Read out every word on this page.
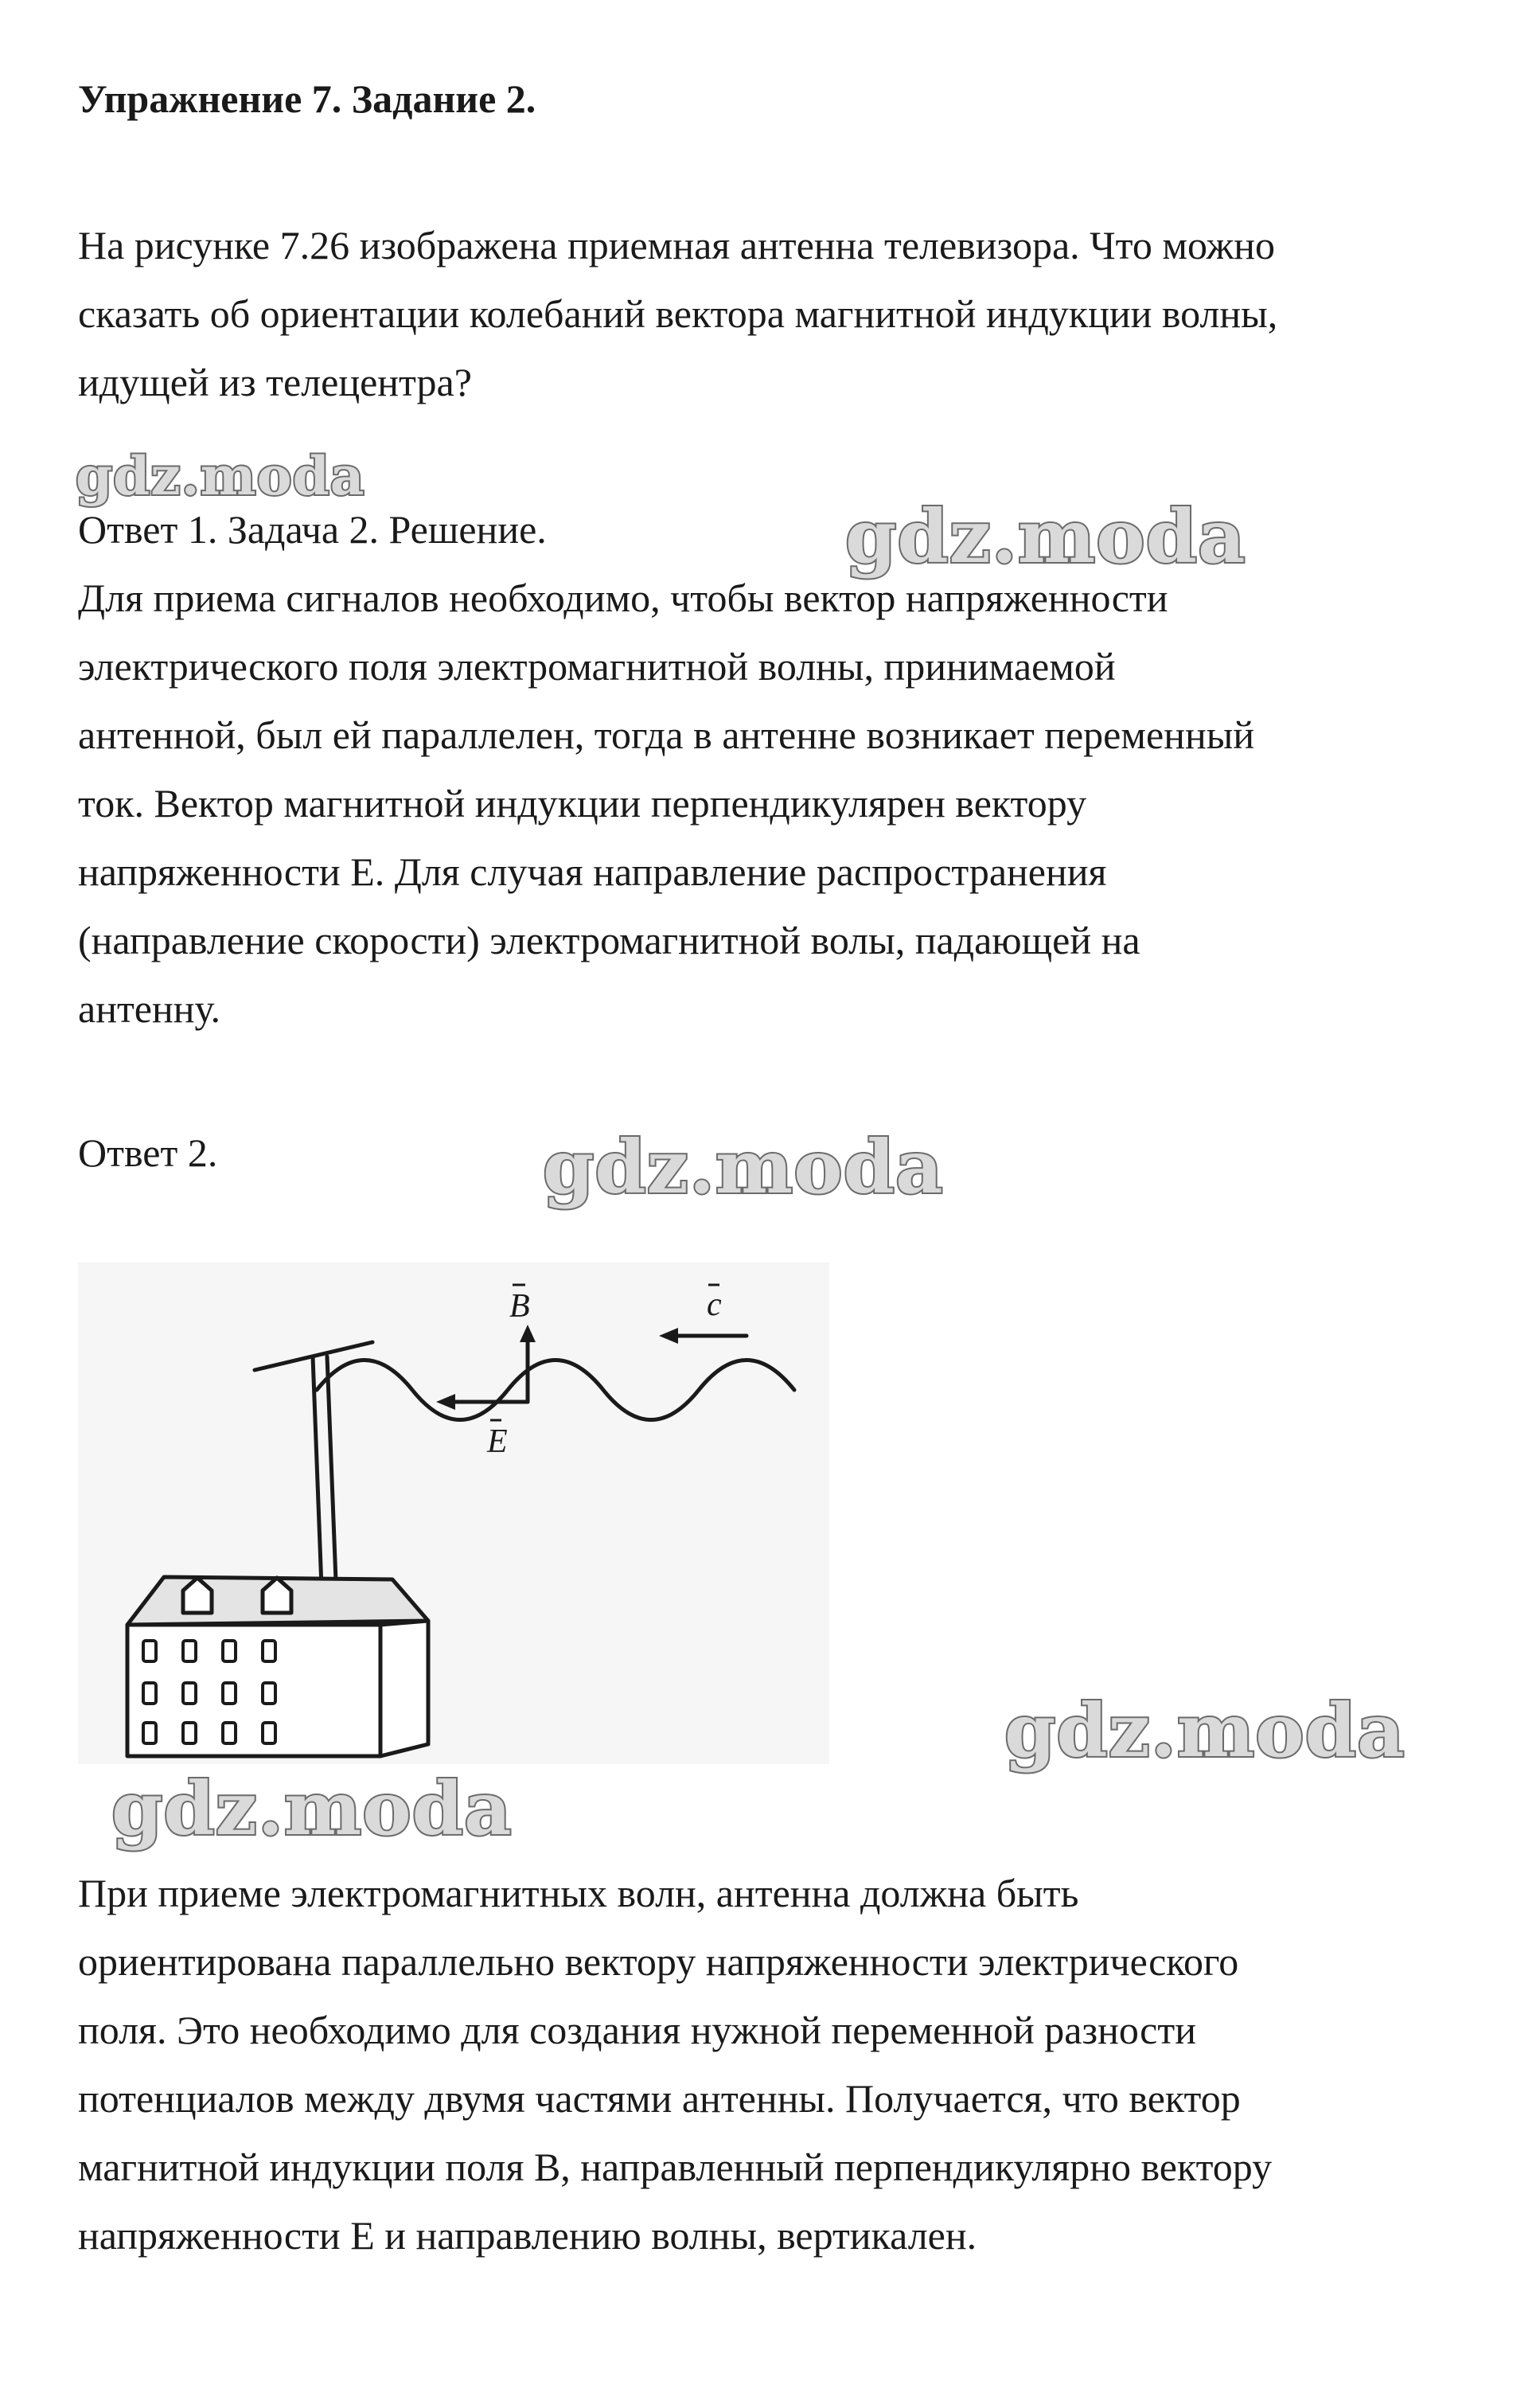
Упражнение 7. Задание 2.
На рисунке 7.26 изображена приемная антенна телевизора. Что можно
сказать об ориентации колебаний вектора магнитной индукции волны,
идущей из телецентра?
Ответ 1. Задача 2. Решение.
Для приема сигналов необходимо, чтобы вектор напряженности
электрического поля электромагнитной волны, принимаемой
антенной, был ей параллелен, тогда в антенне возникает переменный
ток. Вектор магнитной индукции перпендикулярен вектору
напряженности E. Для случая направление распространения
(направление скорости) электромагнитной волы, падающей на
антенну.
Ответ 2.
B
E
c
При приеме электромагнитных волн, антенна должна быть
ориентирована параллельно вектору напряженности электрического
поля. Это необходимо для создания нужной переменной разности
потенциалов между двумя частями антенны. Получается, что вектор
магнитной индукции поля B, направленный перпендикулярно вектору
напряженности E и направлению волны, вертикален.
gdz.moda
gdz.moda
gdz.moda
gdz.moda
gdz.moda
